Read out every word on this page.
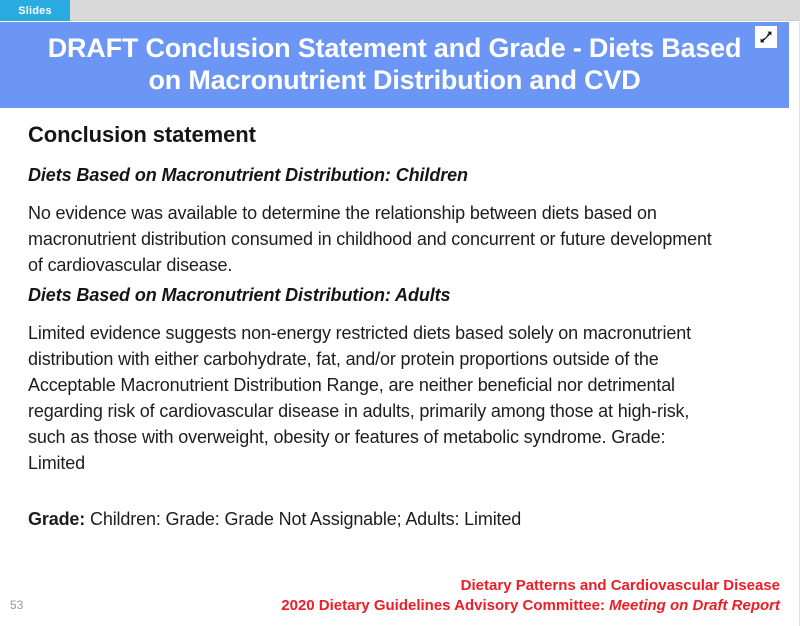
Slides
DRAFT Conclusion Statement and Grade - Diets Based on Macronutrient Distribution and CVD
Conclusion statement
Diets Based on Macronutrient Distribution: Children
No evidence was available to determine the relationship between diets based on macronutrient distribution consumed in childhood and concurrent or future development of cardiovascular disease.
Diets Based on Macronutrient Distribution: Adults
Limited evidence suggests non-energy restricted diets based solely on macronutrient distribution with either carbohydrate, fat, and/or protein proportions outside of the Acceptable Macronutrient Distribution Range, are neither beneficial nor detrimental regarding risk of cardiovascular disease in adults, primarily among those at high-risk, such as those with overweight, obesity or features of metabolic syndrome. Grade: Limited
Grade: Children: Grade: Grade Not Assignable; Adults: Limited
Dietary Patterns and Cardiovascular Disease
2020 Dietary Guidelines Advisory Committee: Meeting on Draft Report
53
